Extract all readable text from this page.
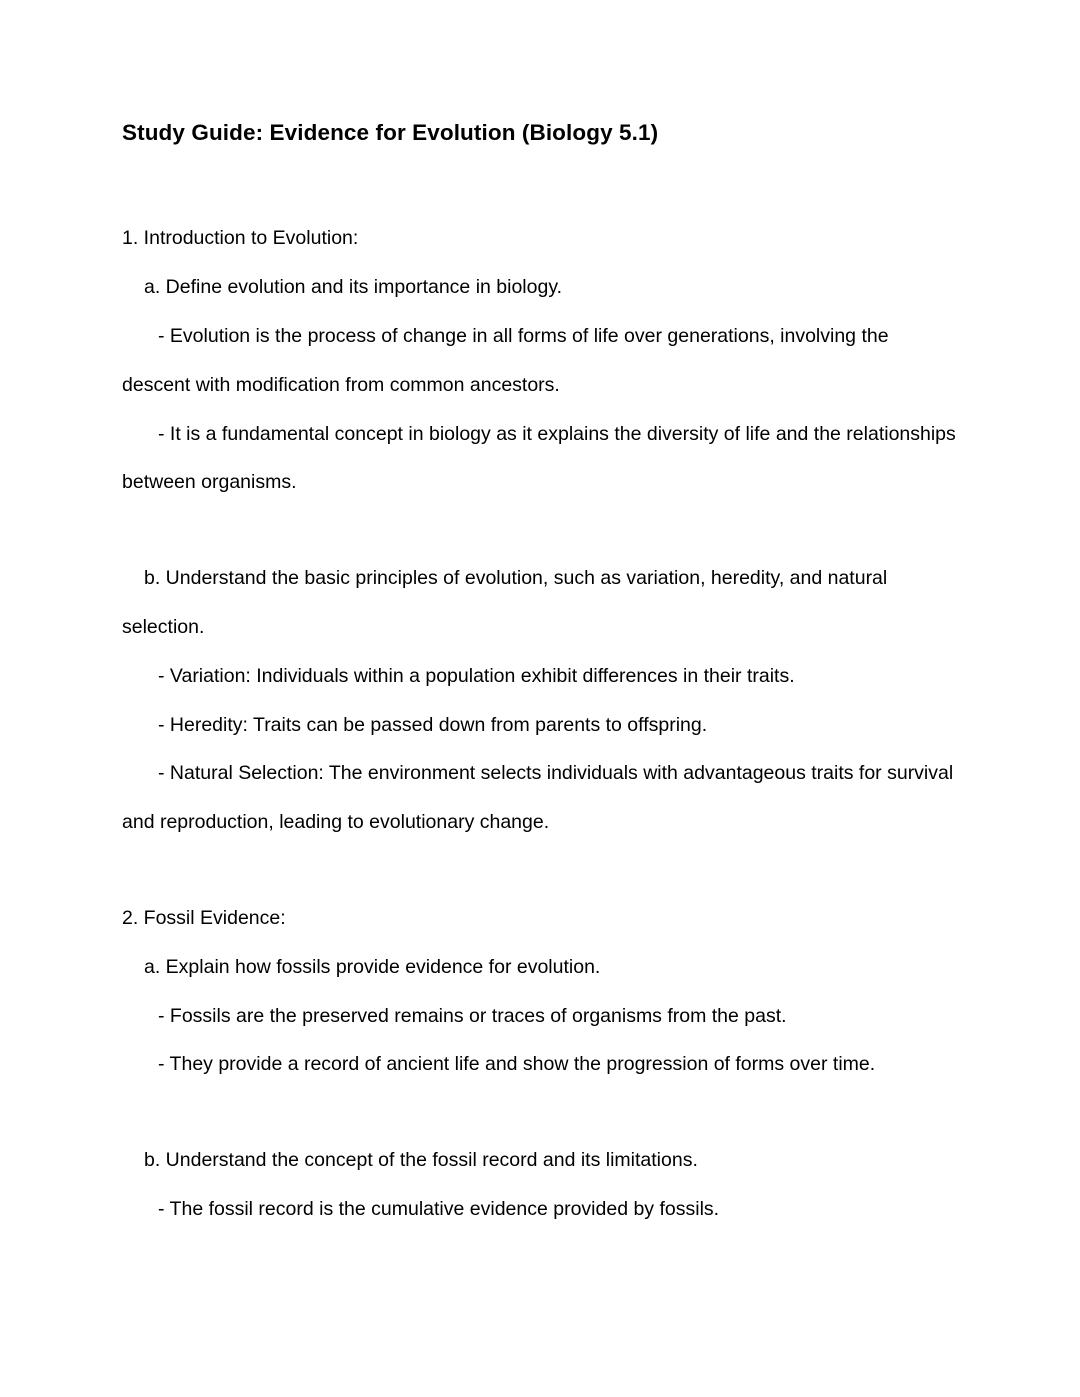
Study Guide: Evidence for Evolution (Biology 5.1)

1. Introduction to Evolution:

a. Define evolution and its importance in biology.

- Evolution is the process of change in all forms of life over generations, involving the descent with modification from common ancestors.

- It is a fundamental concept in biology as it explains the diversity of life and the relationships between organisms.

b. Understand the basic principles of evolution, such as variation, heredity, and natural selection.

- Variation: Individuals within a population exhibit differences in their traits.

- Heredity: Traits can be passed down from parents to offspring.

- Natural Selection: The environment selects individuals with advantageous traits for survival and reproduction, leading to evolutionary change.

2. Fossil Evidence:

a. Explain how fossils provide evidence for evolution.

- Fossils are the preserved remains or traces of organisms from the past.

- They provide a record of ancient life and show the progression of forms over time.

b. Understand the concept of the fossil record and its limitations.

- The fossil record is the cumulative evidence provided by fossils.
